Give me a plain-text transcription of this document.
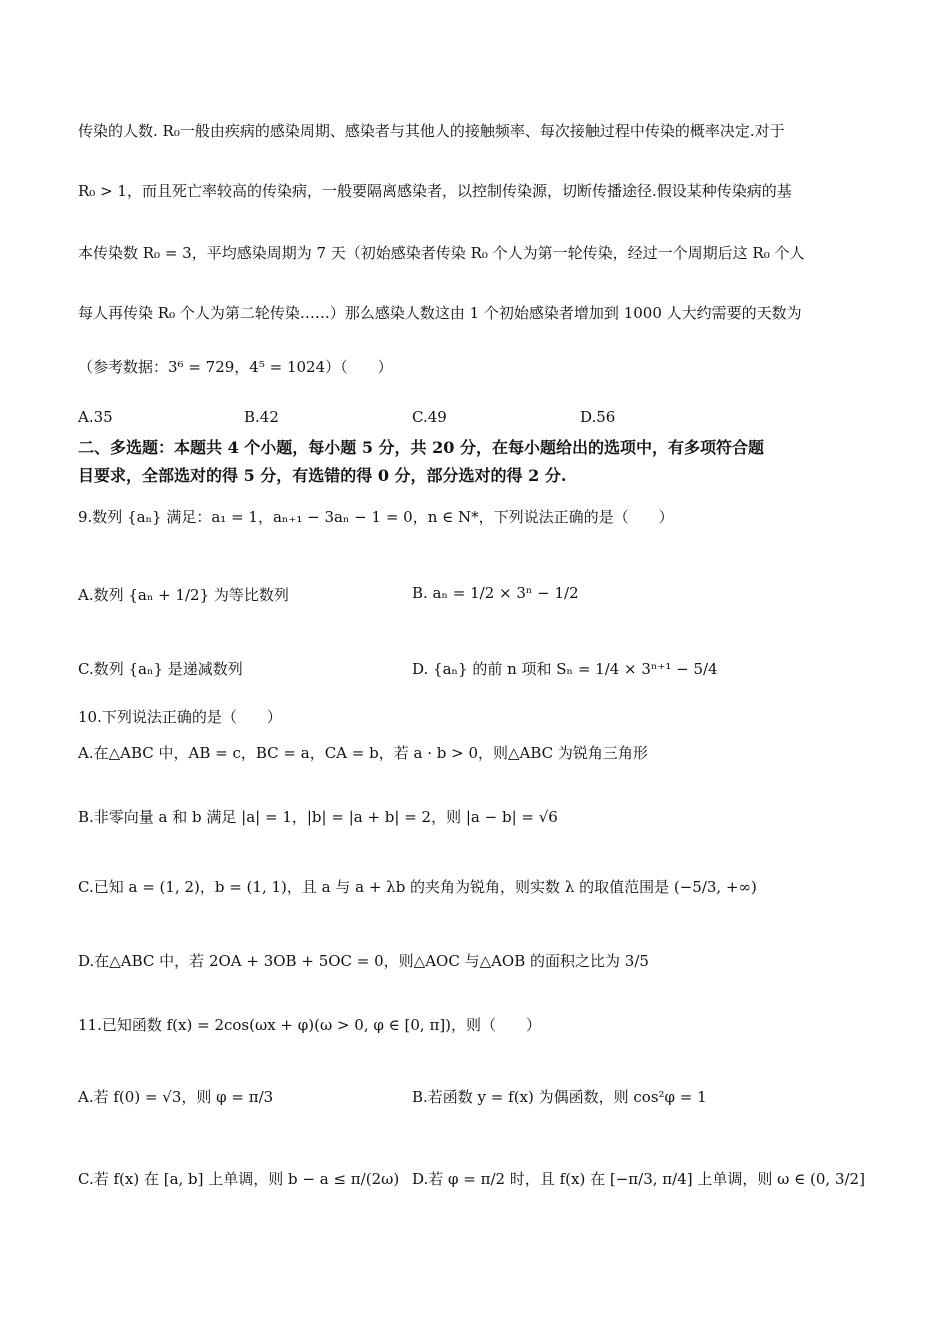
传染的人数. R₀一般由疾病的感染周期、感染者与其他人的接触频率、每次接触过程中传染的概率决定.对于
R₀ > 1，而且死亡率较高的传染病，一般要隔离感染者，以控制传染源，切断传播途径.假设某种传染病的基
本传染数 R₀ = 3，平均感染周期为 7 天（初始感染者传染 R₀ 个人为第一轮传染，经过一个周期后这 R₀ 个人
每人再传染 R₀ 个人为第二轮传染……）那么感染人数这由 1 个初始感染者增加到 1000 人大约需要的天数为
（参考数据：3⁶ = 729，4⁵ = 1024）（　　）
A.35	B.42	C.49	D.56
二、多选题：本题共 4 个小题，每小题 5 分，共 20 分，在每小题给出的选项中，有多项符合题
目要求，全部选对的得 5 分，有选错的得 0 分，部分选对的得 2 分.
9.数列 {aₙ} 满足：a₁ = 1，aₙ₊₁ − 3aₙ − 1 = 0，n ∈ N*，下列说法正确的是（　　）
A.数列 {aₙ + 1/2} 为等比数列	B. aₙ = 1/2 × 3ⁿ − 1/2
C.数列 {aₙ} 是递减数列	D. {aₙ} 的前 n 项和 Sₙ = 1/4 × 3ⁿ⁺¹ − 5/4
10.下列说法正确的是（　　）
A.在△ABC 中，AB = c，BC = a，CA = b，若 a · b > 0，则△ABC 为锐角三角形
B.非零向量 a 和 b 满足 |a| = 1，|b| = |a + b| = 2，则 |a − b| = √6
C.已知 a = (1, 2)，b = (1, 1)，且 a 与 a + λb 的夹角为锐角，则实数 λ 的取值范围是 (−5/3, +∞)
D.在△ABC 中，若 2OA + 3OB + 5OC = 0，则△AOC 与△AOB 的面积之比为 3/5
11.已知函数 f(x) = 2cos(ωx + φ)(ω > 0, φ ∈ [0, π])，则（　　）
A.若 f(0) = √3，则 φ = π/3	B.若函数 y = f(x) 为偶函数，则 cos²φ = 1
C.若 f(x) 在 [a, b] 上单调，则 b − a ≤ π/(2ω) D.若 φ = π/2 时，且 f(x) 在 [−π/3, π/4] 上单调，则 ω ∈ (0, 3/2]
